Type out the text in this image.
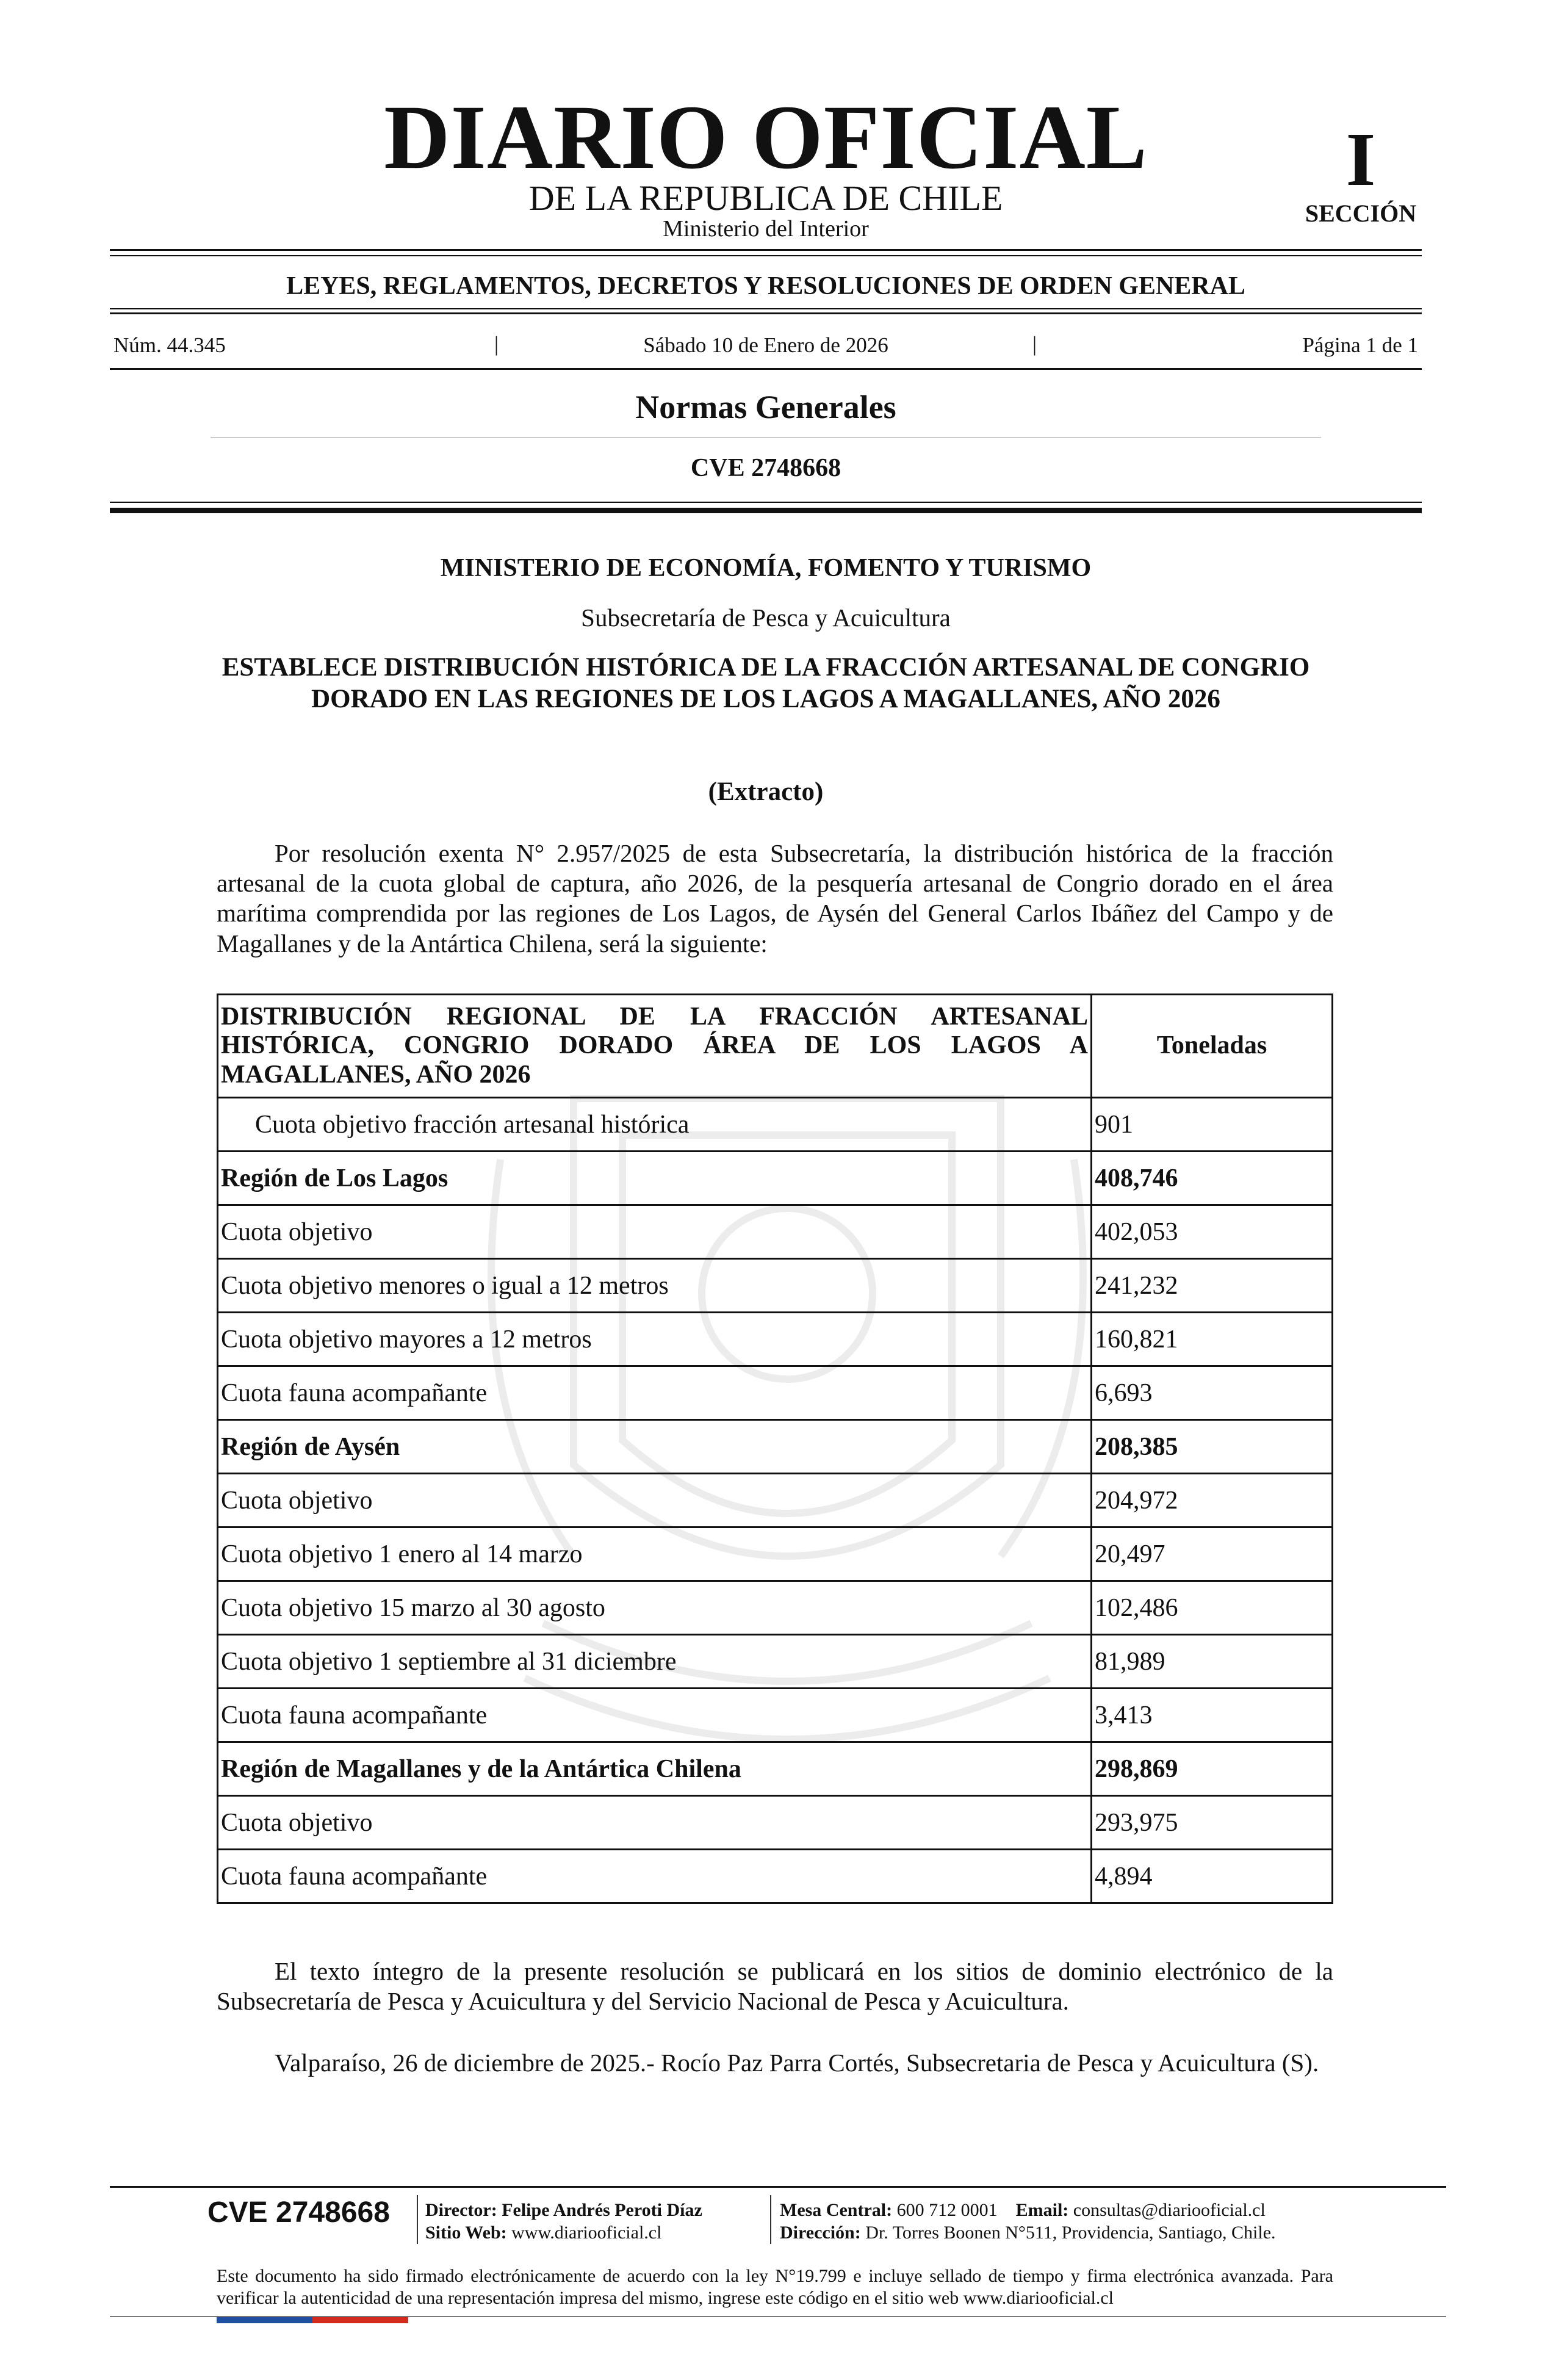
DIARIO OFICIAL
DE LA REPUBLICA DE CHILE
Ministerio del Interior
I
SECCIÓN
LEYES, REGLAMENTOS, DECRETOS Y RESOLUCIONES DE ORDEN GENERAL
Núm. 44.345	|	Sábado 10 de Enero de 2026	|	Página 1 de 1
Normas Generales
CVE 2748668
MINISTERIO DE ECONOMÍA, FOMENTO Y TURISMO
Subsecretaría de Pesca y Acuicultura
ESTABLECE DISTRIBUCIÓN HISTÓRICA DE LA FRACCIÓN ARTESANAL DE CONGRIO DORADO EN LAS REGIONES DE LOS LAGOS A MAGALLANES, AÑO 2026
(Extracto)

Por resolución exenta N° 2.957/2025 de esta Subsecretaría, la distribución histórica de la fracción artesanal de la cuota global de captura, año 2026, de la pesquería artesanal de Congrio dorado en el área marítima comprendida por las regiones de Los Lagos, de Aysén del General Carlos Ibáñez del Campo y de Magallanes y de la Antártica Chilena, será la siguiente:

DISTRIBUCIÓN REGIONAL DE LA FRACCIÓN ARTESANAL HISTÓRICA, CONGRIO DORADO ÁREA DE LOS LAGOS A MAGALLANES, AÑO 2026	Toneladas
Cuota objetivo fracción artesanal histórica	901
Región de Los Lagos	408,746
Cuota objetivo	402,053
Cuota objetivo menores o igual a 12 metros	241,232
Cuota objetivo mayores a 12 metros	160,821
Cuota fauna acompañante	6,693
Región de Aysén	208,385
Cuota objetivo	204,972
Cuota objetivo 1 enero al 14 marzo	20,497
Cuota objetivo 15 marzo al 30 agosto	102,486
Cuota objetivo 1 septiembre al 31 diciembre	81,989
Cuota fauna acompañante	3,413
Región de Magallanes y de la Antártica Chilena	298,869
Cuota objetivo	293,975
Cuota fauna acompañante	4,894

El texto íntegro de la presente resolución se publicará en los sitios de dominio electrónico de la Subsecretaría de Pesca y Acuicultura y del Servicio Nacional de Pesca y Acuicultura.

Valparaíso, 26 de diciembre de 2025.- Rocío Paz Parra Cortés, Subsecretaria de Pesca y Acuicultura (S).

CVE 2748668 Director: Felipe Andrés Peroti Díaz
Sitio Web: www.diariooficial.cl
Mesa Central: 600 712 0001 Email: consultas@diariooficial.cl
Dirección: Dr. Torres Boonen N°511, Providencia, Santiago, Chile.
Este documento ha sido firmado electrónicamente de acuerdo con la ley N°19.799 e incluye sellado de tiempo y firma electrónica avanzada. Para verificar la autenticidad de una representación impresa del mismo, ingrese este código en el sitio web www.diariooficial.cl
